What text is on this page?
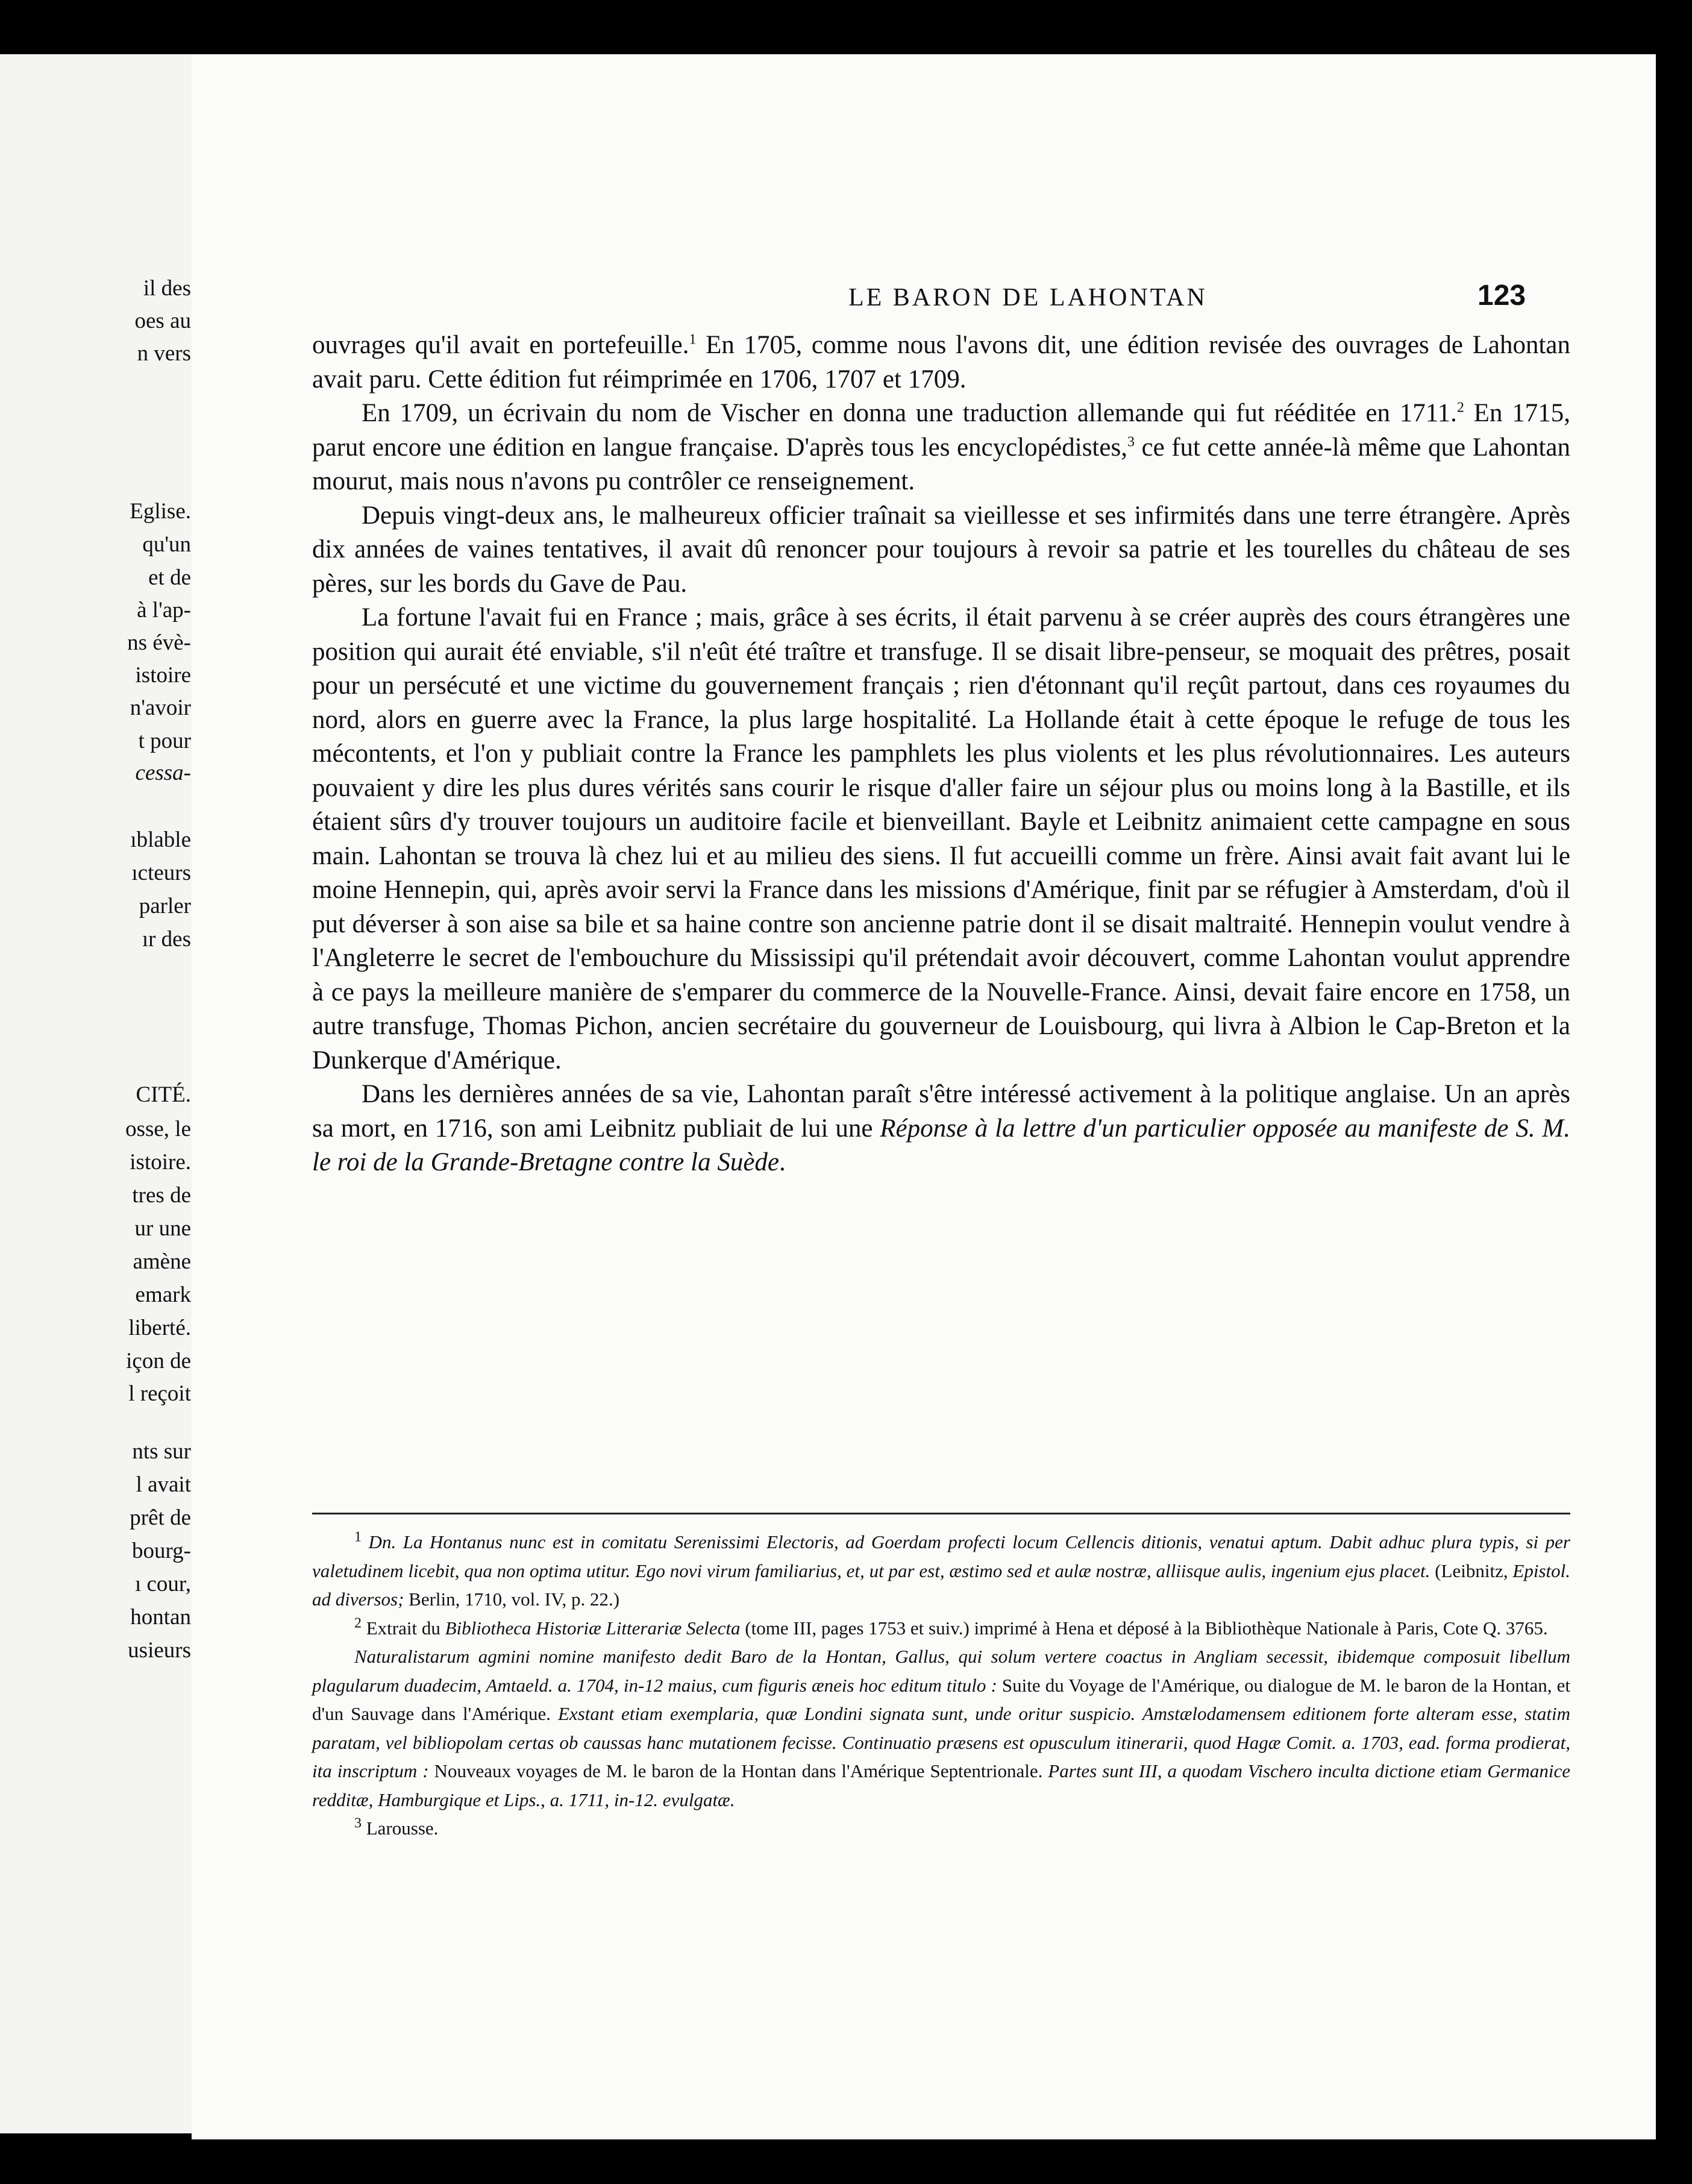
il des
oes au
n vers
Eglise.
qu'un
et de
à l'ap-
ns évè-
istoire
n'avoir
t pour
cessa-
ıblable
ıcteurs
parler
ır des
CITÉ.
osse, le
istoire.
tres de
ur une
amène
emark
liberté.
içon de
l reçoit
nts sur
l avait
prêt de
bourg-
ı cour,
hontan
usieurs
LE BARON DE LAHONTAN	123

ouvrages qu'il avait en portefeuille.$^1$ En 1705, comme nous l'avons dit, une édition revisée des ouvrages de Lahontan avait paru. Cette édition fut réimprimée en 1706, 1707 et 1709.

En 1709, un écrivain du nom de Vischer en donna une traduction allemande qui fut rééditée en 1711.$^2$ En 1715, parut encore une édition en langue française. D'après tous les encyclopédistes,$^3$ ce fut cette année-là même que Lahontan mourut, mais nous n'avons pu contrôler ce renseignement.

Depuis vingt-deux ans, le malheureux officier traînait sa vieillesse et ses infirmités dans une terre étrangère. Après dix années de vaines tentatives, il avait dû renoncer pour toujours à revoir sa patrie et les tourelles du château de ses pères, sur les bords du Gave de Pau.

La fortune l'avait fui en France ; mais, grâce à ses écrits, il était parvenu à se créer auprès des cours étrangères une position qui aurait été enviable, s'il n'eût été traître et transfuge. Il se disait libre-penseur, se moquait des prêtres, posait pour un persécuté et une victime du gouvernement français ; rien d'étonnant qu'il reçût partout, dans ces royaumes du nord, alors en guerre avec la France, la plus large hospitalité. La Hollande était à cette époque le refuge de tous les mécontents, et l'on y publiait contre la France les pamphlets les plus violents et les plus révolutionnaires. Les auteurs pouvaient y dire les plus dures vérités sans courir le risque d'aller faire un séjour plus ou moins long à la Bastille, et ils étaient sûrs d'y trouver toujours un auditoire facile et bienveillant. Bayle et Leibnitz animaient cette campagne en sous main. Lahontan se trouva là chez lui et au milieu des siens. Il fut accueilli comme un frère. Ainsi avait fait avant lui le moine Hennepin, qui, après avoir servi la France dans les missions d'Amérique, finit par se réfugier à Amsterdam, d'où il put déverser à son aise sa bile et sa haine contre son ancienne patrie dont il se disait maltraité. Hennepin voulut vendre à l'Angleterre le secret de l'embouchure du Mississipi qu'il prétendait avoir découvert, comme Lahontan voulut apprendre à ce pays la meilleure manière de s'emparer du commerce de la Nouvelle-France. Ainsi, devait faire encore en 1758, un autre transfuge, Thomas Pichon, ancien secrétaire du gouverneur de Louisbourg, qui livra à Albion le Cap-Breton et la Dunkerque d'Amérique.

Dans les dernières années de sa vie, Lahontan paraît s'être intéressé activement à la politique anglaise. Un an après sa mort, en 1716, son ami Leibnitz publiait de lui une Réponse à la lettre d'un particulier opposée au manifeste de S. M. le roi de la Grande-Bretagne contre la Suède.

$^1$ Dn. La Hontanus nunc est in comitatu Serenissimi Electoris, ad Goerdam profecti locum Cellencis ditionis, venatui aptum. Dabit adhuc plura typis, si per valetudinem licebit, qua non optima utitur. Ego novi virum familiarius, et, ut par est, æstimo sed et aulæ nostræ, alliisque aulis, ingenium ejus placet. (Leibnitz, Epistol. ad diversos; Berlin, 1710, vol. IV, p. 22.)

$^2$ Extrait du Bibliotheca Historiæ Litterariæ Selecta (tome III, pages 1753 et suiv.) imprimé à Hena et déposé à la Bibliothèque Nationale à Paris, Cote Q. 3765.

Naturalistarum agmini nomine manifesto dedit Baro de la Hontan, Gallus, qui solum vertere coactus in Angliam secessit, ibidemque composuit libellum plagularum duadecim, Amtaeld. a. 1704, in-12 maius, cum figuris æneis hoc editum titulo : Suite du Voyage de l'Amérique, ou dialogue de M. le baron de la Hontan, et d'un Sauvage dans l'Amérique. Exstant etiam exemplaria, quæ Londini signata sunt, unde oritur suspicio. Amstælodamensem editionem forte alteram esse, statim paratam, vel bibliopolam certas ob caussas hanc mutationem fecisse. Continuatio præsens est opusculum itinerarii, quod Hagæ Comit. a. 1703, ead. forma prodierat, ita inscriptum : Nouveaux voyages de M. le baron de la Hontan dans l'Amérique Septentrionale. Partes sunt III, a quodam Vischero inculta dictione etiam Germanice redditæ, Hamburgique et Lips., a. 1711, in-12. evulgatæ.

$^3$ Larousse.
